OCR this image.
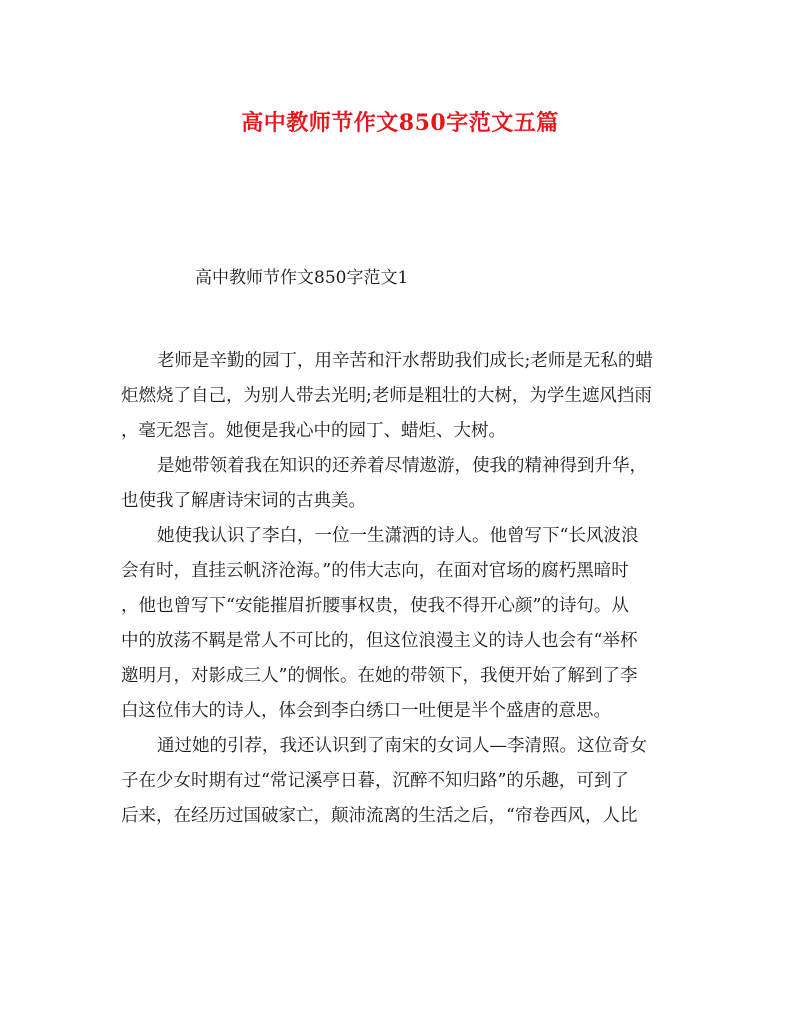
高中教师节作文850字范文五篇
高中教师节作文850字范文1
老师是辛勤的园丁，用辛苦和汗水帮助我们成长;老师是无私的蜡
炬燃烧了自己，为别人带去光明;老师是粗壮的大树，为学生遮风挡雨
，毫无怨言。她便是我心中的园丁、蜡炬、大树。
是她带领着我在知识的还养着尽情遨游，使我的精神得到升华，
也使我了解唐诗宋词的古典美。
她使我认识了李白，一位一生潇洒的诗人。他曾写下“长风波浪
会有时，直挂云帆济沧海。”的伟大志向，在面对官场的腐朽黑暗时
，他也曾写下“安能摧眉折腰事权贵，使我不得开心颜”的诗句。从
中的放荡不羁是常人不可比的，但这位浪漫主义的诗人也会有“举杯
邀明月，对影成三人”的惆怅。在她的带领下，我便开始了解到了李
白这位伟大的诗人，体会到李白绣口一吐便是半个盛唐的意思。
通过她的引荐，我还认识到了南宋的女词人—李清照。这位奇女
子在少女时期有过“常记溪亭日暮，沉醉不知归路”的乐趣，可到了
后来，在经历过国破家亡，颠沛流离的生活之后，“帘卷西风，人比
